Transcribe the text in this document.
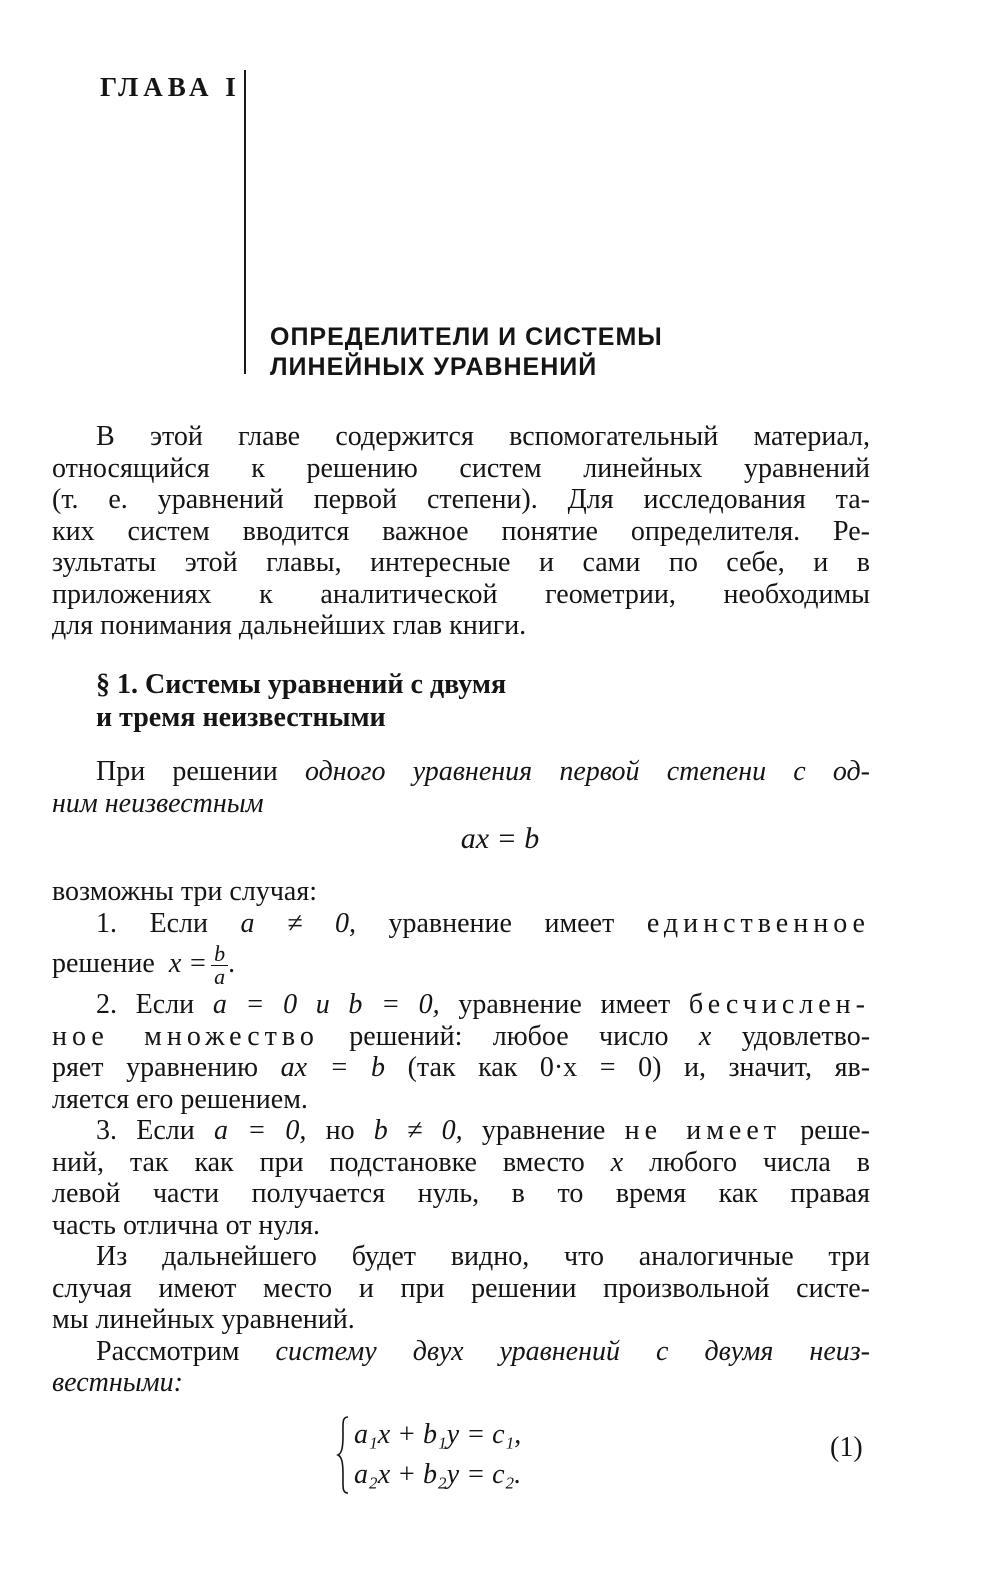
ГЛАВА I
ОПРЕДЕЛИТЕЛИ И СИСТЕМЫ
ЛИНЕЙНЫХ УРАВНЕНИЙ
В этой главе содержится вспомогательный материал,
относящийся к решению систем линейных уравнений
(т. е. уравнений первой степени). Для исследования та-
ких систем вводится важное понятие определителя. Ре-
зультаты этой главы, интересные и сами по себе, и в
приложениях к аналитической геометрии, необходимы
для понимания дальнейших глав книги.
§ 1. Системы уравнений с двумя
и тремя неизвестными
При решении одного уравнения первой степени с од-
ним неизвестным
ax = b
возможны три случая:
1. Если a ≠ 0, уравнение имеет единственное
решение $x = \frac{b}{a}$ .
2. Если a = 0 и b = 0, уравнение имеет бесчислен-
ное множество решений: любое число x удовлетво-
ряет уравнению ax = b (так как 0·x = 0) и, значит, яв-
ляется его решением.
3. Если a = 0, но b ≠ 0, уравнение не имеет реше-
ний, так как при подстановке вместо x любого числа в
левой части получается нуль, в то время как правая
часть отлична от нуля.
Из дальнейшего будет видно, что аналогичные три
случая имеют место и при решении произвольной систе-
мы линейных уравнений.
Рассмотрим систему двух уравнений с двумя неиз-
вестными:
a₁x + b₁y = c₁,
a₂x + b₂y = c₂.
(1)
